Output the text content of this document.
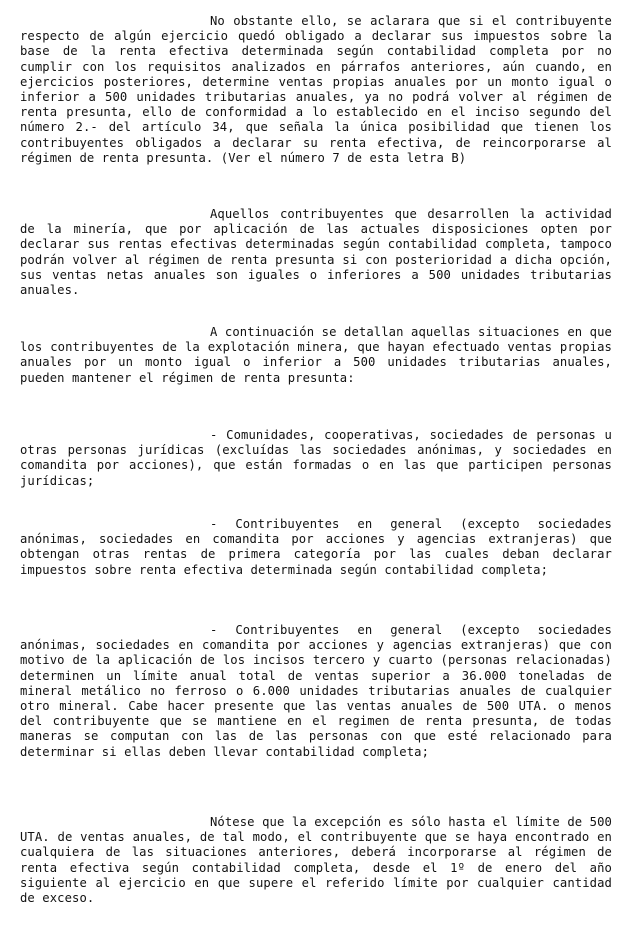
No obstante ello, se aclarara que si el contribuyente respecto de algún ejercicio quedó obligado a declarar sus impuestos sobre la base de la renta efectiva determinada según contabilidad completa por no cumplir con los requisitos analizados en párrafos anteriores, aún cuando, en ejercicios posteriores, determine ventas propias anuales por un monto igual o inferior a 500 unidades tributarias anuales, ya no podrá volver al régimen de renta presunta, ello de conformidad a lo establecido en el inciso segundo del número 2.- del artículo 34, que señala la única posibilidad que tienen los contribuyentes obligados a declarar su renta efectiva, de reincorporarse al régimen de renta presunta. (Ver el número 7 de esta letra B)

Aquellos contribuyentes que desarrollen la actividad de la minería, que por aplicación de las actuales disposiciones opten por declarar sus rentas efectivas determinadas según contabilidad completa, tampoco podrán volver al régimen de renta presunta si con posterioridad a dicha opción, sus ventas netas anuales son iguales o inferiores a 500 unidades tributarias anuales.

A continuación se detallan aquellas situaciones en que los contribuyentes de la explotación minera, que hayan efectuado ventas propias anuales por un monto igual o inferior a 500 unidades tributarias anuales, pueden mantener el régimen de renta presunta:

- Comunidades, cooperativas, sociedades de personas u otras personas jurídicas (excluídas las sociedades anónimas, y sociedades en comandita por acciones), que están formadas o en las que participen personas jurídicas;

- Contribuyentes en general (excepto sociedades anónimas, sociedades en comandita por acciones y agencias extranjeras) que obtengan otras rentas de primera categoría por las cuales deban declarar impuestos sobre renta efectiva determinada según contabilidad completa;

- Contribuyentes en general (excepto sociedades anónimas, sociedades en comandita por acciones y agencias extranjeras) que con motivo de la aplicación de los incisos tercero y cuarto (personas relacionadas) determinen un límite anual total de ventas superior a 36.000 toneladas de mineral metálico no ferroso o 6.000 unidades tributarias anuales de cualquier otro mineral. Cabe hacer presente que las ventas anuales de 500 UTA. o menos del contribuyente que se mantiene en el regimen de renta presunta, de todas maneras se computan con las de las personas con que esté relacionado para determinar si ellas deben llevar contabilidad completa;

Nótese que la excepción es sólo hasta el límite de 500 UTA. de ventas anuales, de tal modo, el contribuyente que se haya encontrado en cualquiera de las situaciones anteriores, deberá incorporarse al régimen de renta efectiva según contabilidad completa, desde el 1º de enero del año siguiente al ejercicio en que supere el referido límite por cualquier cantidad de exceso.
